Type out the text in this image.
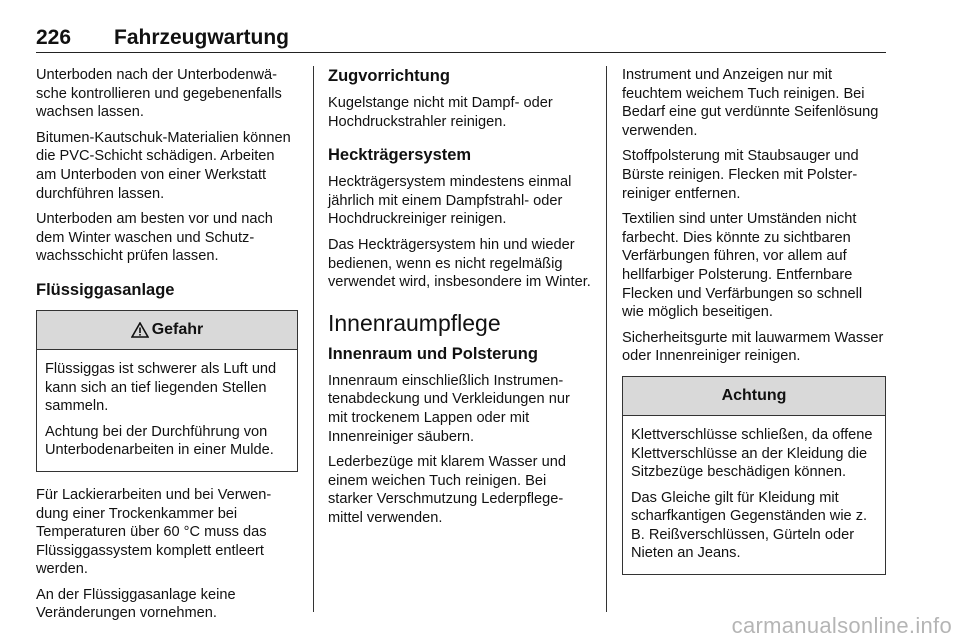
226 Fahrzeugwartung

Unterboden nach der Unterbodenwäsche kontrollieren und gegebenenfalls wachsen lassen.

Bitumen-Kautschuk-Materialien können die PVC-Schicht schädigen. Arbeiten am Unterboden von einer Werkstatt durchführen lassen.

Unterboden am besten vor und nach dem Winter waschen und Schutzwachsschicht prüfen lassen.

Flüssiggasanlage
Gefahr

Flüssiggas ist schwerer als Luft und kann sich an tief liegenden Stellen sammeln.

Achtung bei der Durchführung von Unterbodenarbeiten in einer Mulde.

Für Lackierarbeiten und bei Verwendung einer Trockenkammer bei Temperaturen über 60 °C muss das Flüssiggassystem komplett entleert werden.

An der Flüssiggasanlage keine Veränderungen vornehmen.

Zugvorrichtung

Kugelstange nicht mit Dampf- oder Hochdruckstrahler reinigen.

Heckträgersystem

Heckträgersystem mindestens einmal jährlich mit einem Dampfstrahl- oder Hochdruckreiniger reinigen.

Das Heckträgersystem hin und wieder bedienen, wenn es nicht regelmäßig verwendet wird, insbesondere im Winter.

Innenraumpflege
Innenraum und Polsterung

Innenraum einschließlich Instrumentenabdeckung und Verkleidungen nur mit trockenem Lappen oder mit Innenreiniger säubern.

Lederbezüge mit klarem Wasser und einem weichen Tuch reinigen. Bei starker Verschmutzung Lederpflegemittel verwenden.

Instrument und Anzeigen nur mit feuchtem weichem Tuch reinigen. Bei Bedarf eine gut verdünnte Seifenlösung verwenden.

Stoffpolsterung mit Staubsauger und Bürste reinigen. Flecken mit Polsterreiniger entfernen.

Textilien sind unter Umständen nicht farbecht. Dies könnte zu sichtbaren Verfärbungen führen, vor allem auf hellfarbiger Polsterung. Entfernbare Flecken und Verfärbungen so schnell wie möglich beseitigen.

Sicherheitsgurte mit lauwarmem Wasser oder Innenreiniger reinigen.

Achtung

Klettverschlüsse schließen, da offene Klettverschlüsse an der Kleidung die Sitzbezüge beschädigen können.

Das Gleiche gilt für Kleidung mit scharfkantigen Gegenständen wie z. B. Reißverschlüssen, Gürteln oder Nieten an Jeans.

carmanualsonline.info
